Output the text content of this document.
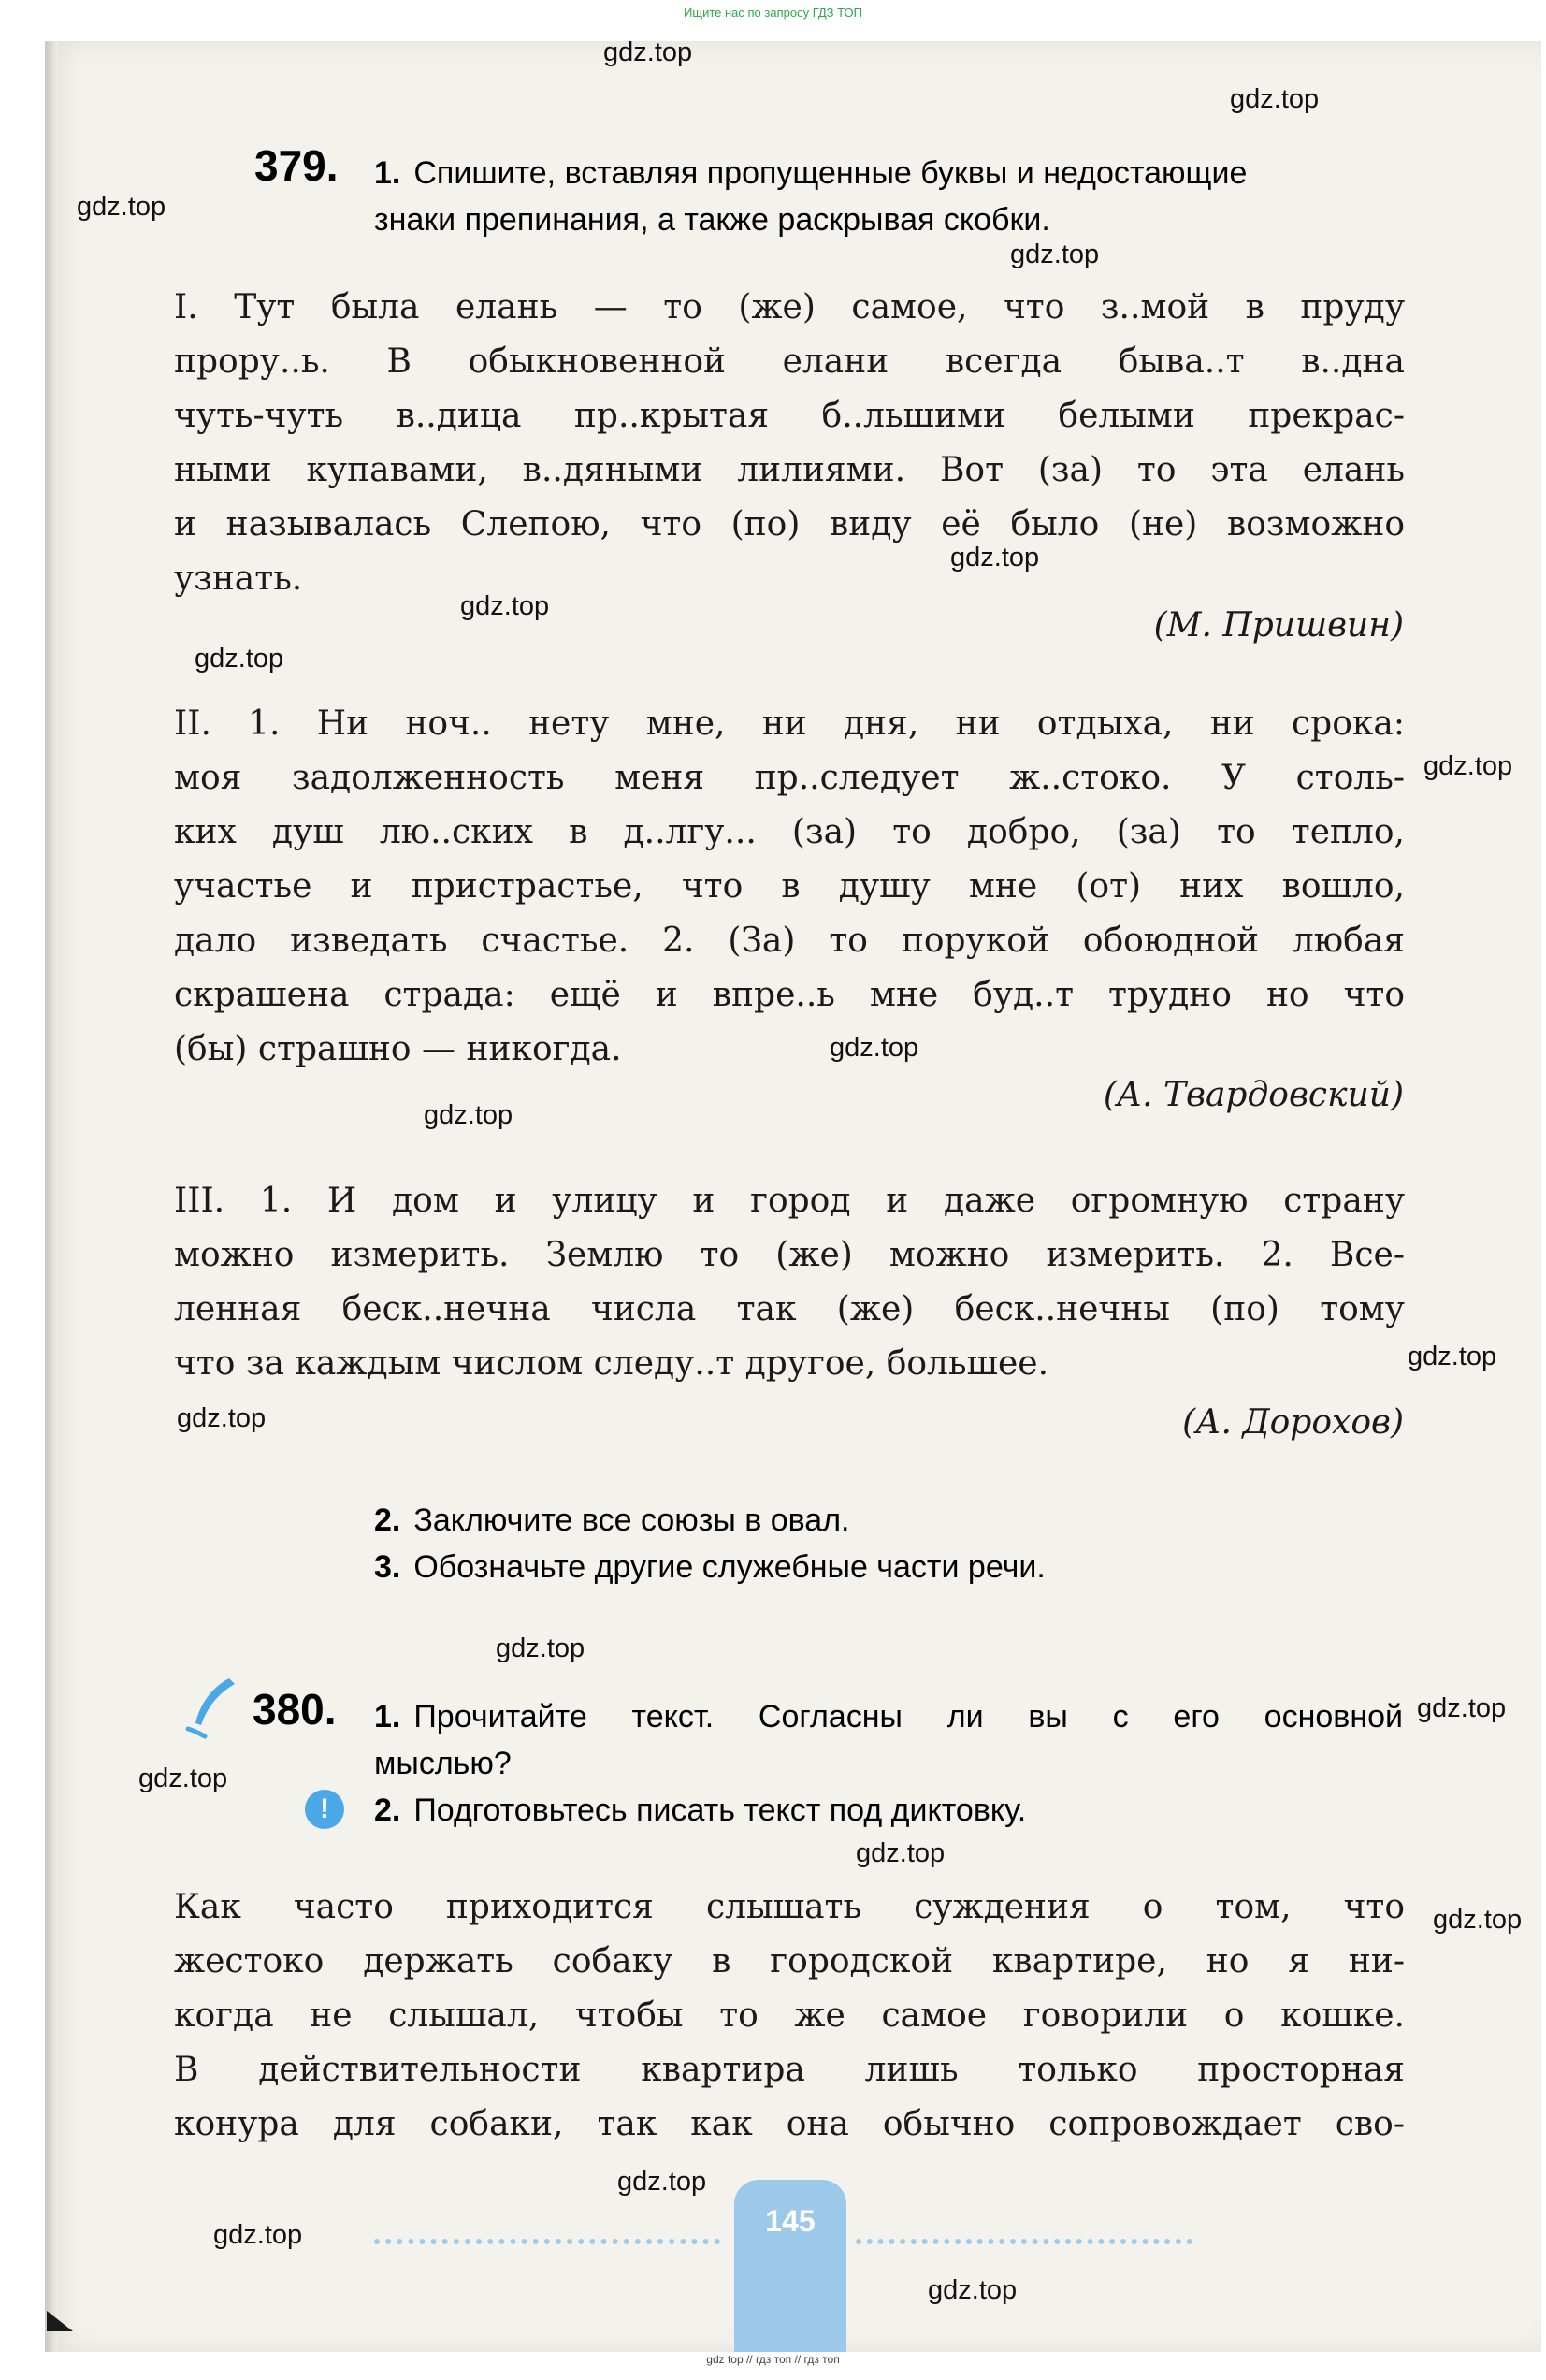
Ищите нас по запросу ГДЗ ТОП
379. 1. Спишите, вставляя пропущенные буквы и недостающие
знаки препинания, а также раскрывая скобки.
I. Тут была елань — то (же) самое, что з..мой в пруду
прору..ь. В обыкновенной елани всегда быва..т в..дна
чуть-чуть в..дица пр..крытая б..льшими белыми прекрас-
ными купавами, в..дяными лилиями. Вот (за) то эта елань
и называлась Слепою, что (по) виду её было (не) возможно
узнать.
(М. Пришвин)
II. 1. Ни ноч.. нету мне, ни дня, ни отдыха, ни срока:
моя задолженность меня пр..следует ж..стоко. У столь-
ких душ лю..ских в д..лгу... (за) то добро, (за) то тепло,
участье и пристрастье, что в душу мне (от) них вошло,
дало изведать счастье. 2. (За) то порукой обоюдной любая
скрашена страда: ещё и впре..ь мне буд..т трудно но что
(бы) страшно — никогда.
(А. Твардовский)
III. 1. И дом и улицу и город и даже огромную страну
можно измерить. Землю то (же) можно измерить. 2. Все-
ленная беск..нечна числа так (же) беск..нечны (по) тому
что за каждым числом следу..т другое, большее.
(А. Дорохов)
2. Заключите все союзы в овал.
3. Обозначьте другие служебные части речи.
380. 1. Прочитайте текст. Согласны ли вы с его основной
мыслью?
!	2. Подготовьтесь писать текст под диктовку.
Как часто приходится слышать суждения о том, что
жестоко держать собаку в городской квартире, но я ни-
когда не слышал, чтобы то же самое говорили о кошке.
В действительности квартира лишь только просторная
конура для собаки, так как она обычно сопровождает сво-
145
gdz.top
gdz.top
gdz.top
gdz.top
gdz.top
gdz.top
gdz.top
gdz.top
gdz.top
gdz.top
gdz.top
gdz.top
gdz.top
gdz.top
gdz.top
gdz.top
gdz.top
gdz.top
gdz.top
gdz.top
gdz top // гдз топ // гдз топ
